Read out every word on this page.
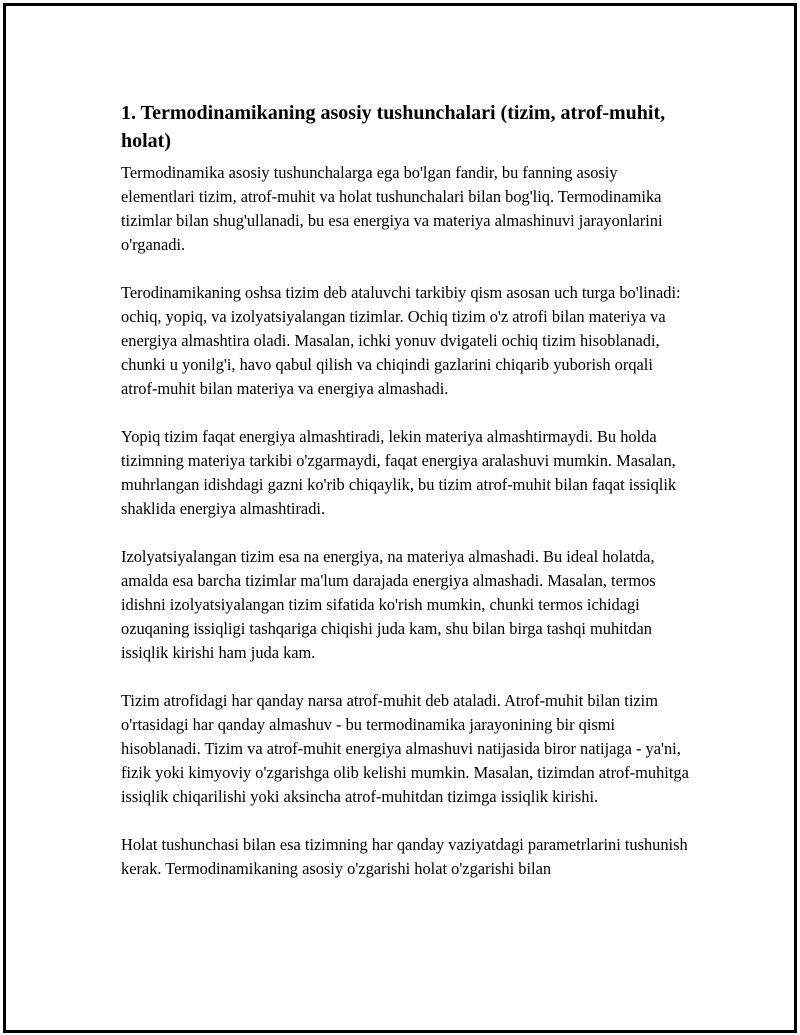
1. Termodinamikaning asosiy tushunchalari (tizim, atrof-muhit, holat)

Termodinamika asosiy tushunchalarga ega bo'lgan fandir, bu fanning asosiy elementlari tizim, atrof-muhit va holat tushunchalari bilan bog'liq. Termodinamika tizimlar bilan shug'ullanadi, bu esa energiya va materiya almashinuvi jarayonlarini o'rganadi.

Terodinamikaning oshsa tizim deb ataluvchi tarkibiy qism asosan uch turga bo'linadi: ochiq, yopiq, va izolyatsiyalangan tizimlar. Ochiq tizim o'z atrofi bilan materiya va energiya almashtira oladi. Masalan, ichki yonuv dvigateli ochiq tizim hisoblanadi, chunki u yonilg'i, havo qabul qilish va chiqindi gazlarini chiqarib yuborish orqali atrof-muhit bilan materiya va energiya almashadi.

Yopiq tizim faqat energiya almashtiradi, lekin materiya almashtirmaydi. Bu holda tizimning materiya tarkibi o'zgarmaydi, faqat energiya aralashuvi mumkin. Masalan, muhrlangan idishdagi gazni ko'rib chiqaylik, bu tizim atrof-muhit bilan faqat issiqlik shaklida energiya almashtiradi.

Izolyatsiyalangan tizim esa na energiya, na materiya almashadi. Bu ideal holatda, amalda esa barcha tizimlar ma'lum darajada energiya almashadi. Masalan, termos idishni izolyatsiyalangan tizim sifatida ko'rish mumkin, chunki termos ichidagi ozuqaning issiqligi tashqariga chiqishi juda kam, shu bilan birga tashqi muhitdan issiqlik kirishi ham juda kam.

Tizim atrofidagi har qanday narsa atrof-muhit deb ataladi. Atrof-muhit bilan tizim o'rtasidagi har qanday almashuv - bu termodinamika jarayonining bir qismi hisoblanadi. Tizim va atrof-muhit energiya almashuvi natijasida biror natijaga - ya'ni, fizik yoki kimyoviy o'zgarishga olib kelishi mumkin. Masalan, tizimdan atrof-muhitga issiqlik chiqarilishi yoki aksincha atrof-muhitdan tizimga issiqlik kirishi.

Holat tushunchasi bilan esa tizimning har qanday vaziyatdagi parametrlarini tushunish kerak. Termodinamikaning asosiy o'zgarishi holat o'zgarishi bilan
